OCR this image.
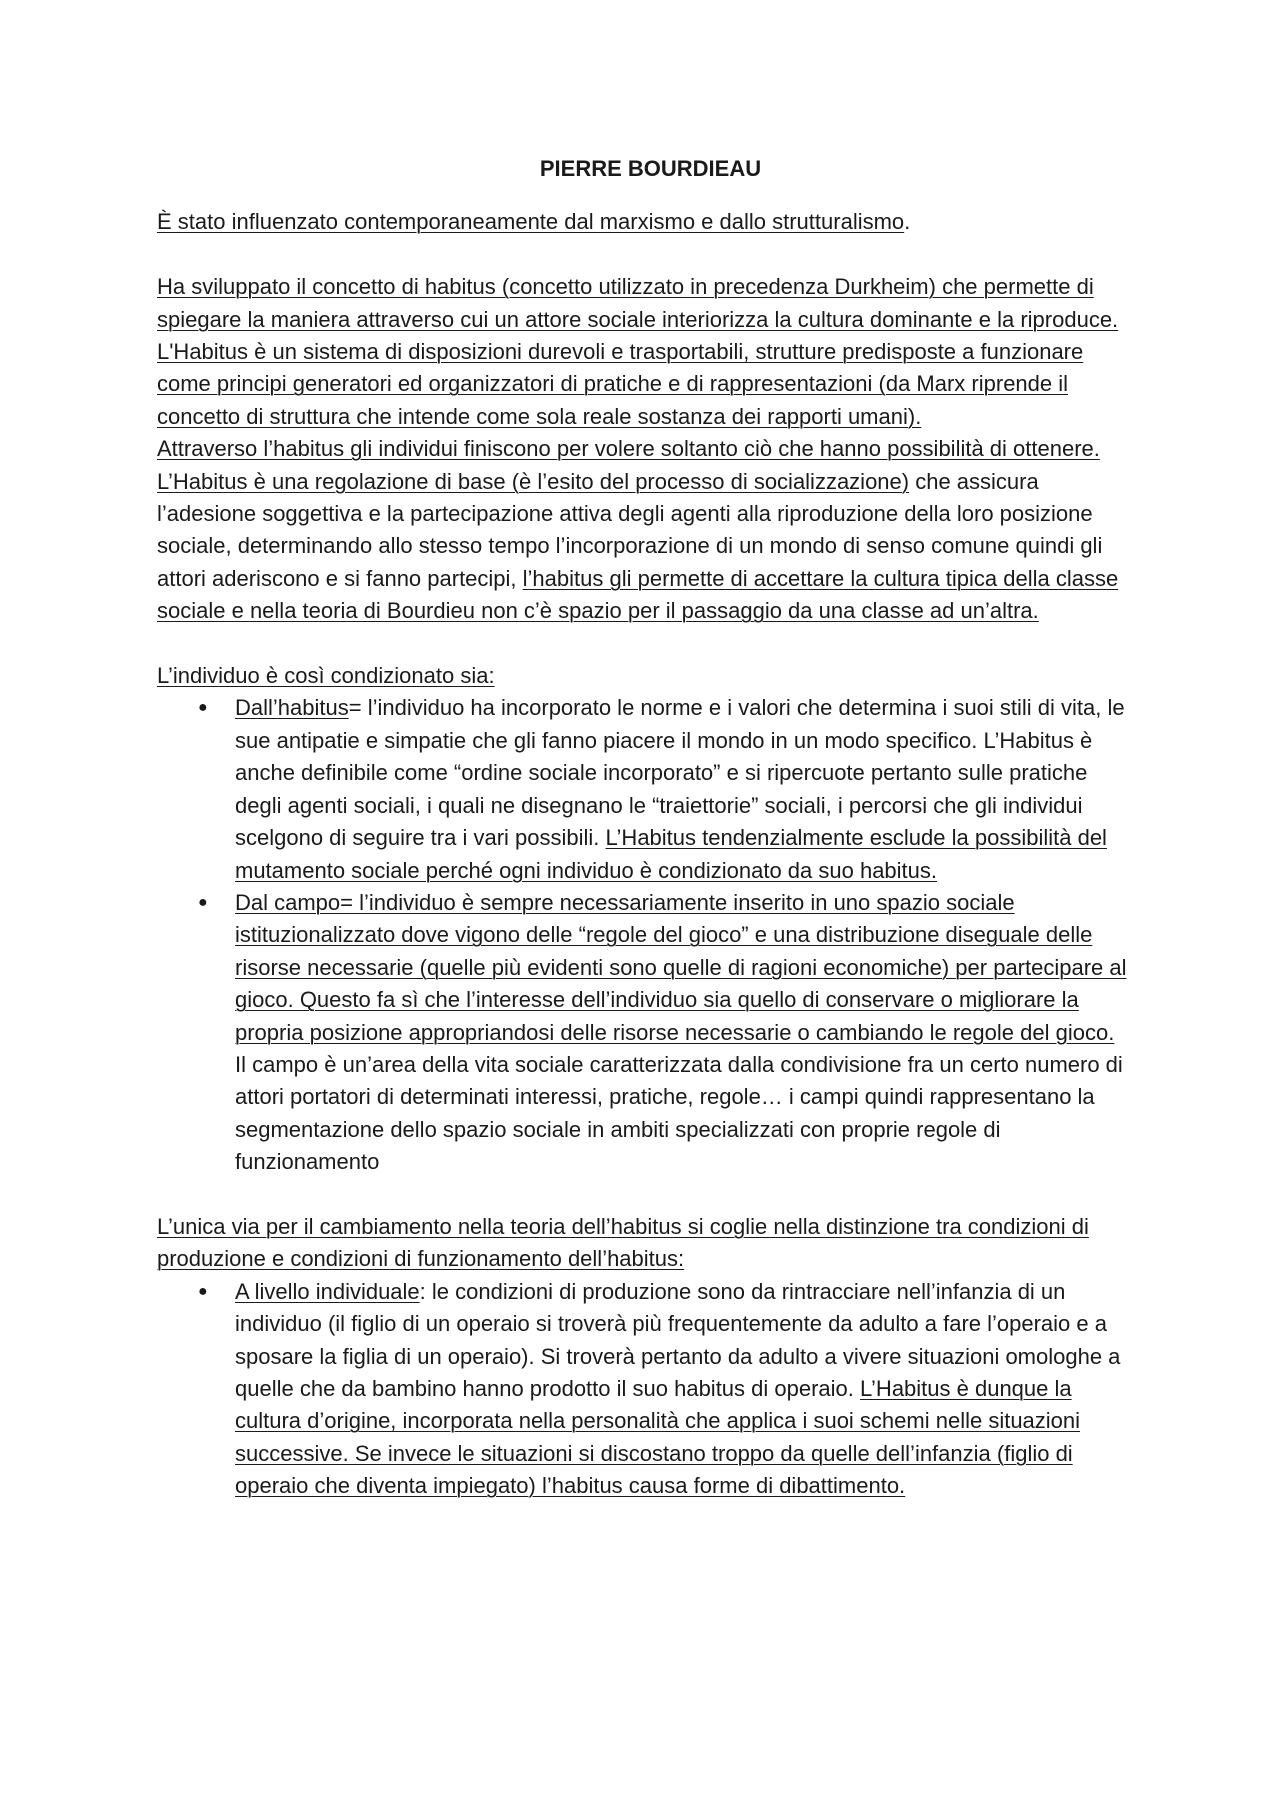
PIERRE BOURDIEAU

È stato influenzato contemporaneamente dal marxismo e dallo strutturalismo.

Ha sviluppato il concetto di habitus (concetto utilizzato in precedenza Durkheim) che permette di spiegare la maniera attraverso cui un attore sociale interiorizza la cultura dominante e la riproduce. L'Habitus è un sistema di disposizioni durevoli e trasportabili, strutture predisposte a funzionare come principi generatori ed organizzatori di pratiche e di rappresentazioni (da Marx riprende il concetto di struttura che intende come sola reale sostanza dei rapporti umani).
Attraverso l’habitus gli individui finiscono per volere soltanto ciò che hanno possibilità di ottenere. L’Habitus è una regolazione di base (è l’esito del processo di socializzazione) che assicura l’adesione soggettiva e la partecipazione attiva degli agenti alla riproduzione della loro posizione sociale, determinando allo stesso tempo l’incorporazione di un mondo di senso comune quindi gli attori aderiscono e si fanno partecipi, l’habitus gli permette di accettare la cultura tipica della classe sociale e nella teoria di Bourdieu non c’è spazio per il passaggio da una classe ad un’altra.

L’individuo è così condizionato sia:

● Dall’habitus= l’individuo ha incorporato le norme e i valori che determina i suoi stili di vita, le sue antipatie e simpatie che gli fanno piacere il mondo in un modo specifico. L’Habitus è anche definibile come “ordine sociale incorporato” e si ripercuote pertanto sulle pratiche degli agenti sociali, i quali ne disegnano le “traiettorie” sociali, i percorsi che gli individui scelgono di seguire tra i vari possibili. L’Habitus tendenzialmente esclude la possibilità del mutamento sociale perché ogni individuo è condizionato da suo habitus.
● Dal campo= l’individuo è sempre necessariamente inserito in uno spazio sociale istituzionalizzato dove vigono delle “regole del gioco” e una distribuzione diseguale delle risorse necessarie (quelle più evidenti sono quelle di ragioni economiche) per partecipare al gioco. Questo fa sì che l’interesse dell’individuo sia quello di conservare o migliorare la propria posizione appropriandosi delle risorse necessarie o cambiando le regole del gioco. Il campo è un’area della vita sociale caratterizzata dalla condivisione fra un certo numero di attori portatori di determinati interessi, pratiche, regole… i campi quindi rappresentano la segmentazione dello spazio sociale in ambiti specializzati con proprie regole di funzionamento

L’unica via per il cambiamento nella teoria dell’habitus si coglie nella distinzione tra condizioni di produzione e condizioni di funzionamento dell’habitus:

● A livello individuale: le condizioni di produzione sono da rintracciare nell’infanzia di un individuo (il figlio di un operaio si troverà più frequentemente da adulto a fare l’operaio e a sposare la figlia di un operaio). Si troverà pertanto da adulto a vivere situazioni omologhe a quelle che da bambino hanno prodotto il suo habitus di operaio. L’Habitus è dunque la cultura d’origine, incorporata nella personalità che applica i suoi schemi nelle situazioni successive. Se invece le situazioni si discostano troppo da quelle dell’infanzia (figlio di operaio che diventa impiegato) l’habitus causa forme di dibattimento.
